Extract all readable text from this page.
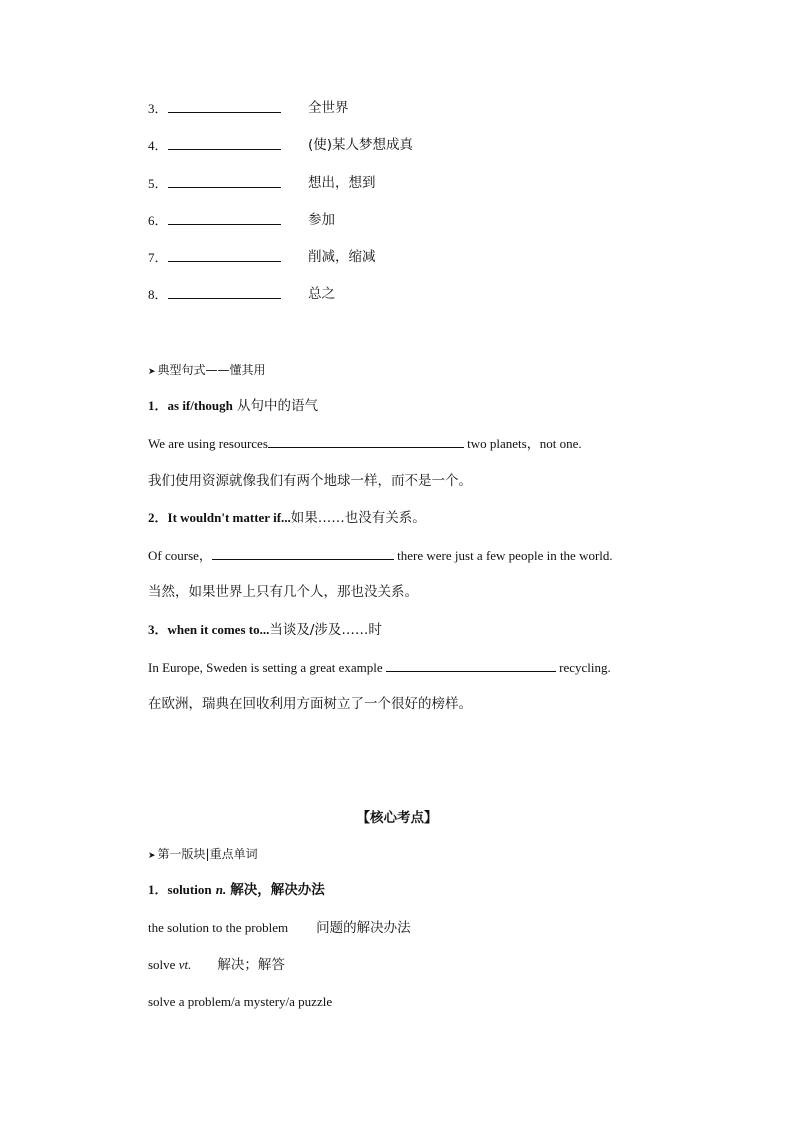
3．	全世界
4．	(使)某人梦想成真
5．	想出，想到
6．	参加
7．	削减，缩减
8．	总之
➤ 典型句式——懂其用
1．as if/though 从句中的语气
We are using resources	two planets，not one.
我们使用资源就像我们有两个地球一样，而不是一个。
2．It wouldn't matter if...如果……也没有关系。
Of course，	there were just a few people in the world.
当然，如果世界上只有几个人，那也没关系。
3．when it comes to...当谈及/涉及……时
In Europe, Sweden is setting a great example	recycling.
在欧洲，瑞典在回收利用方面树立了一个很好的榜样。
【核心考点】
➤ 第一版块|重点单词
1．solution n. 解决，解决办法
the solution to the problem 问题的解决办法
solve vt. 解决；解答
solve a problem/a mystery/a puzzle
